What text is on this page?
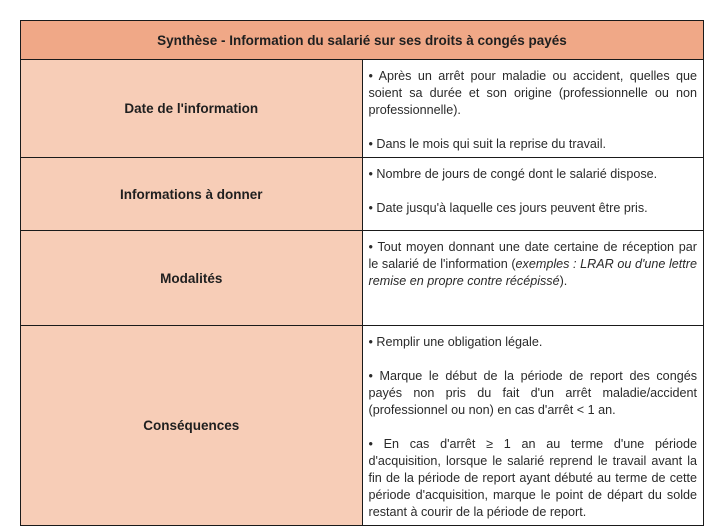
Synthèse - Information du salarié sur ses droits à congés payés	
Date de l'information	• Après un arrêt pour maladie ou accident, quelles que soient sa durée et son origine (professionnelle ou non professionnelle).

• Dans le mois qui suit la reprise du travail.

Informations à donner	• Nombre de jours de congé dont le salarié dispose.

• Date jusqu'à laquelle ces jours peuvent être pris.

Modalités	• Tout moyen donnant une date certaine de réception par le salarié de l'information (exemples : LRAR ou d'une lettre remise en propre contre récépissé).

Conséquences	• Remplir une obligation légale.

• Marque le début de la période de report des congés payés non pris du fait d'un arrêt maladie/accident (professionnel ou non) en cas d'arrêt < 1 an.

• En cas d'arrêt ≥ 1 an au terme d'une période d'acquisition, lorsque le salarié reprend le travail avant la fin de la période de report ayant débuté au terme de cette période d'acquisition, marque le point de départ du solde restant à courir de la période de report.
